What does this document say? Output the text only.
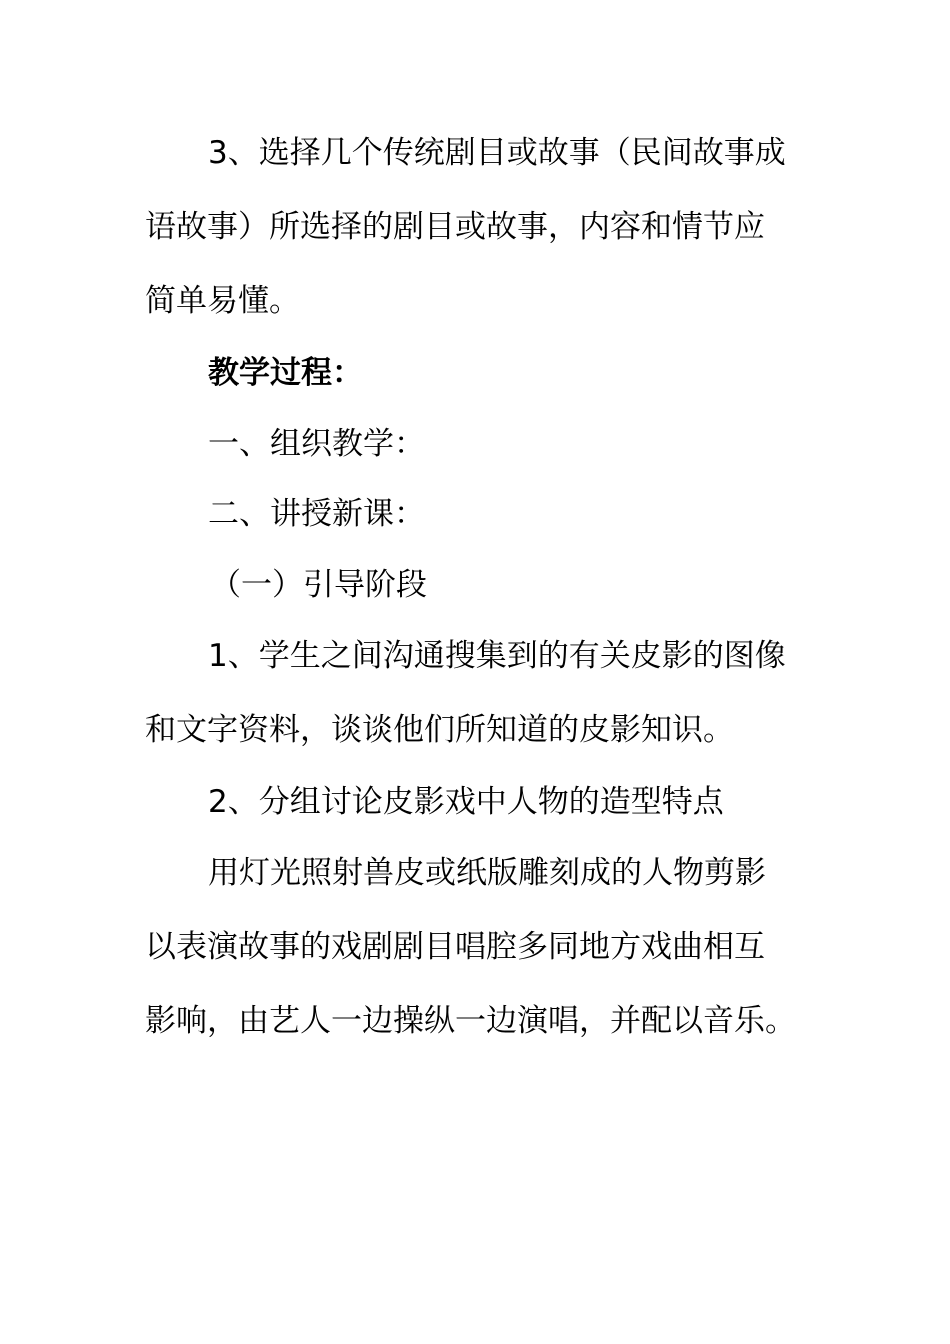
3、选择几个传统剧目或故事（民间故事成
语故事）所选择的剧目或故事，内容和情节应
简单易懂。
教学过程：
一、组织教学：
二、讲授新课：
（一）引导阶段
1、学生之间沟通搜集到的有关皮影的图像
和文字资料，谈谈他们所知道的皮影知识。
2、分组讨论皮影戏中人物的造型特点
用灯光照射兽皮或纸版雕刻成的人物剪影
以表演故事的戏剧剧目唱腔多同地方戏曲相互
影响，由艺人一边操纵一边演唱，并配以音乐。
